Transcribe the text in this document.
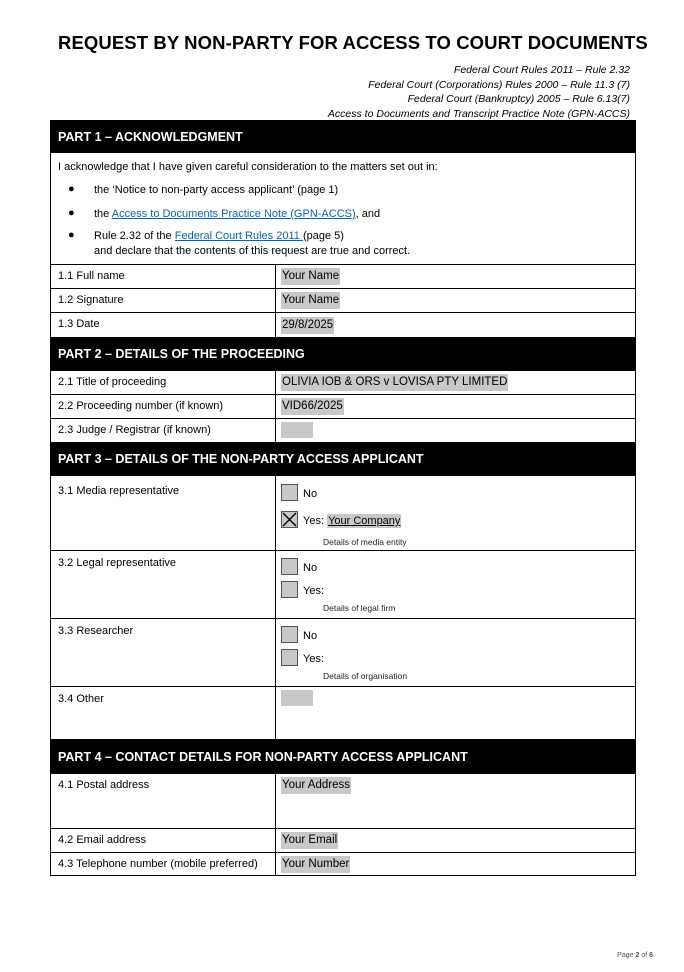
REQUEST BY NON-PARTY FOR ACCESS TO COURT DOCUMENTS
Federal Court Rules 2011 – Rule 2.32
Federal Court (Corporations) Rules 2000 – Rule 11.3 (7)
Federal Court (Bankruptcy) 2005 – Rule 6.13(7)
Access to Documents and Transcript Practice Note (GPN-ACCS)
PART 1 – ACKNOWLEDGMENT
I acknowledge that I have given careful consideration to the matters set out in:
● the ‘Notice to non-party access applicant’ (page 1)
● the Access to Documents Practice Note (GPN-ACCS), and
● Rule 2.32 of the Federal Court Rules 2011 (page 5)
and declare that the contents of this request are true and correct.
1.1 Full name	Your Name
1.2 Signature	Your Name
1.3 Date	29/8/2025
PART 2 – DETAILS OF THE PROCEEDING
2.1 Title of proceeding	OLIVIA IOB & ORS v LOVISA PTY LIMITED
2.2 Proceeding number (if known)	VID66/2025
2.3 Judge / Registrar (if known)
PART 3 – DETAILS OF THE NON-PARTY ACCESS APPLICANT
3.1 Media representative	No
Yes: Your Company
Details of media entity
3.2 Legal representative	No
Yes:
Details of legal firm
3.3 Researcher	No
Yes:
Details of organisation
3.4 Other
PART 4 – CONTACT DETAILS FOR NON-PARTY ACCESS APPLICANT
4.1 Postal address	Your Address
4.2 Email address	Your Email
4.3 Telephone number (mobile preferred) Your Number
Page 2 of 6
